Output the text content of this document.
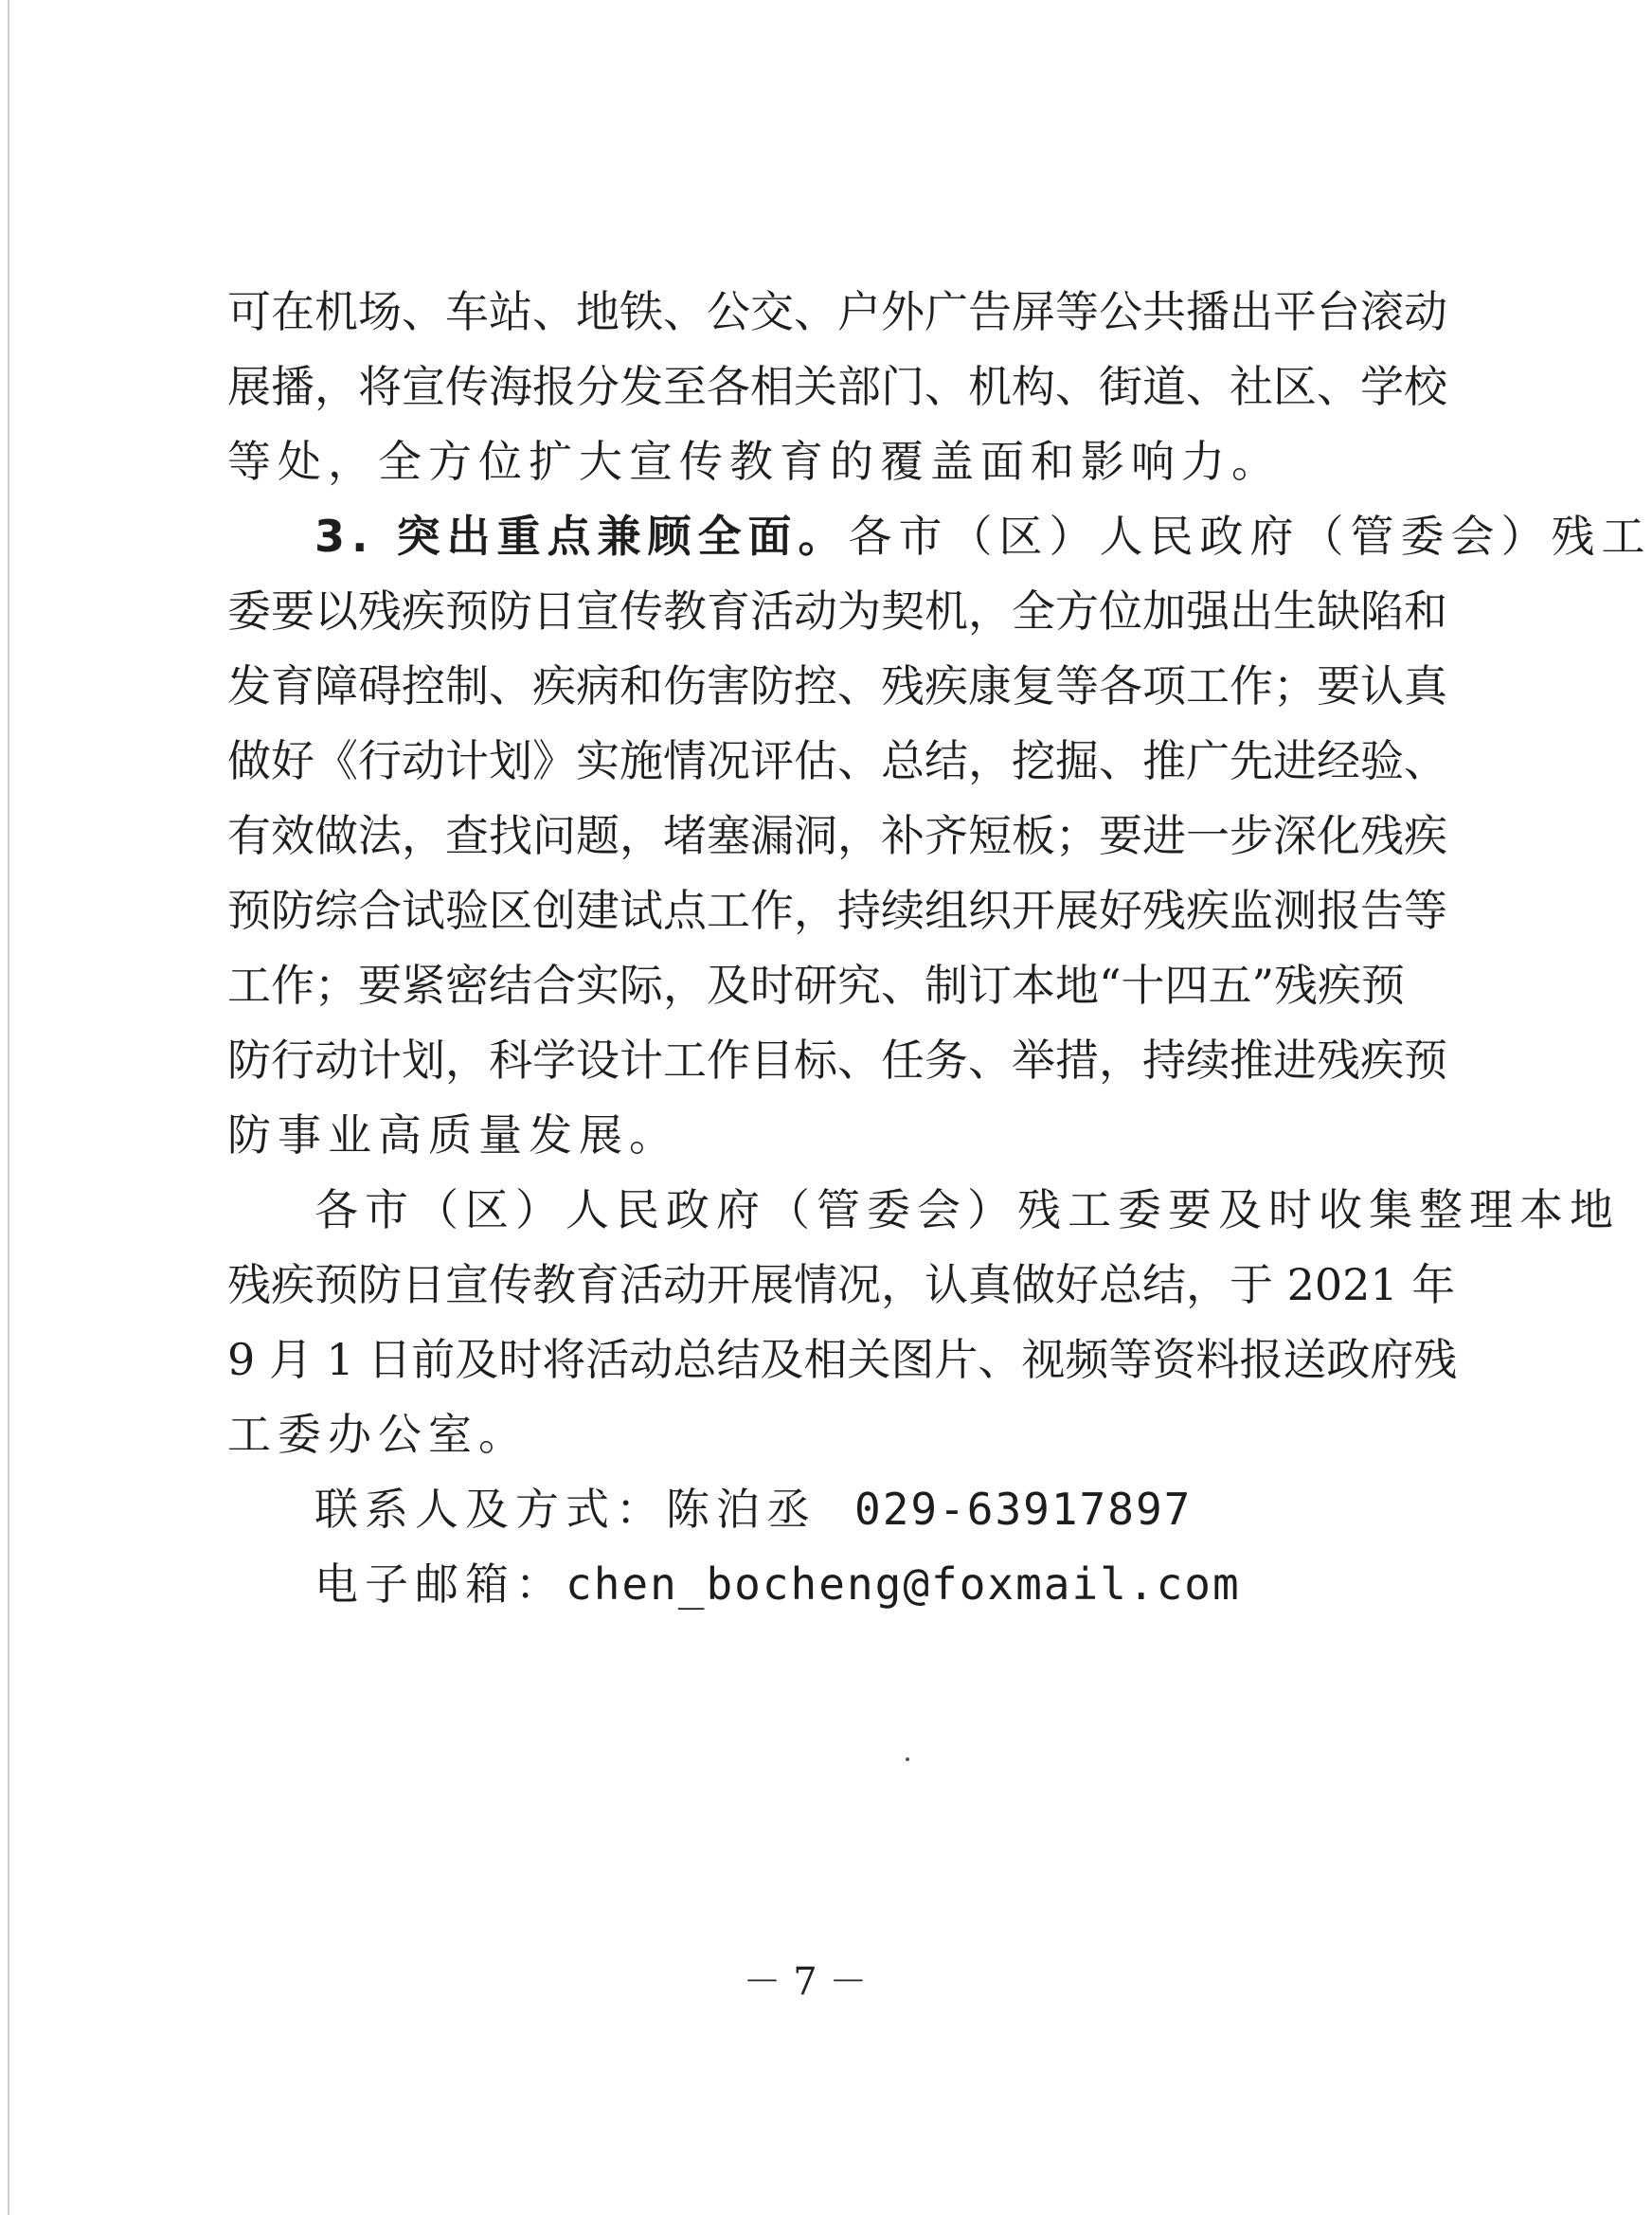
可在机场、车站、地铁、公交、户外广告屏等公共播出平台滚动
展播，将宣传海报分发至各相关部门、机构、街道、社区、学校
等处，全方位扩大宣传教育的覆盖面和影响力。
3. 突出重点兼顾全面。各市（区）人民政府（管委会）残工
委要以残疾预防日宣传教育活动为契机，全方位加强出生缺陷和
发育障碍控制、疾病和伤害防控、残疾康复等各项工作；要认真
做好《行动计划》实施情况评估、总结，挖掘、推广先进经验、
有效做法，查找问题，堵塞漏洞，补齐短板；要进一步深化残疾
预防综合试验区创建试点工作，持续组织开展好残疾监测报告等
工作；要紧密结合实际，及时研究、制订本地“十四五”残疾预
防行动计划，科学设计工作目标、任务、举措，持续推进残疾预
防事业高质量发展。
各市（区）人民政府（管委会）残工委要及时收集整理本地
残疾预防日宣传教育活动开展情况，认真做好总结，于 2021 年
9 月 1 日前及时将活动总结及相关图片、视频等资料报送政府残
工委办公室。
联系人及方式：陈泊丞 029-63917897
电子邮箱：chen_bocheng@foxmail.com
－ 7 －
